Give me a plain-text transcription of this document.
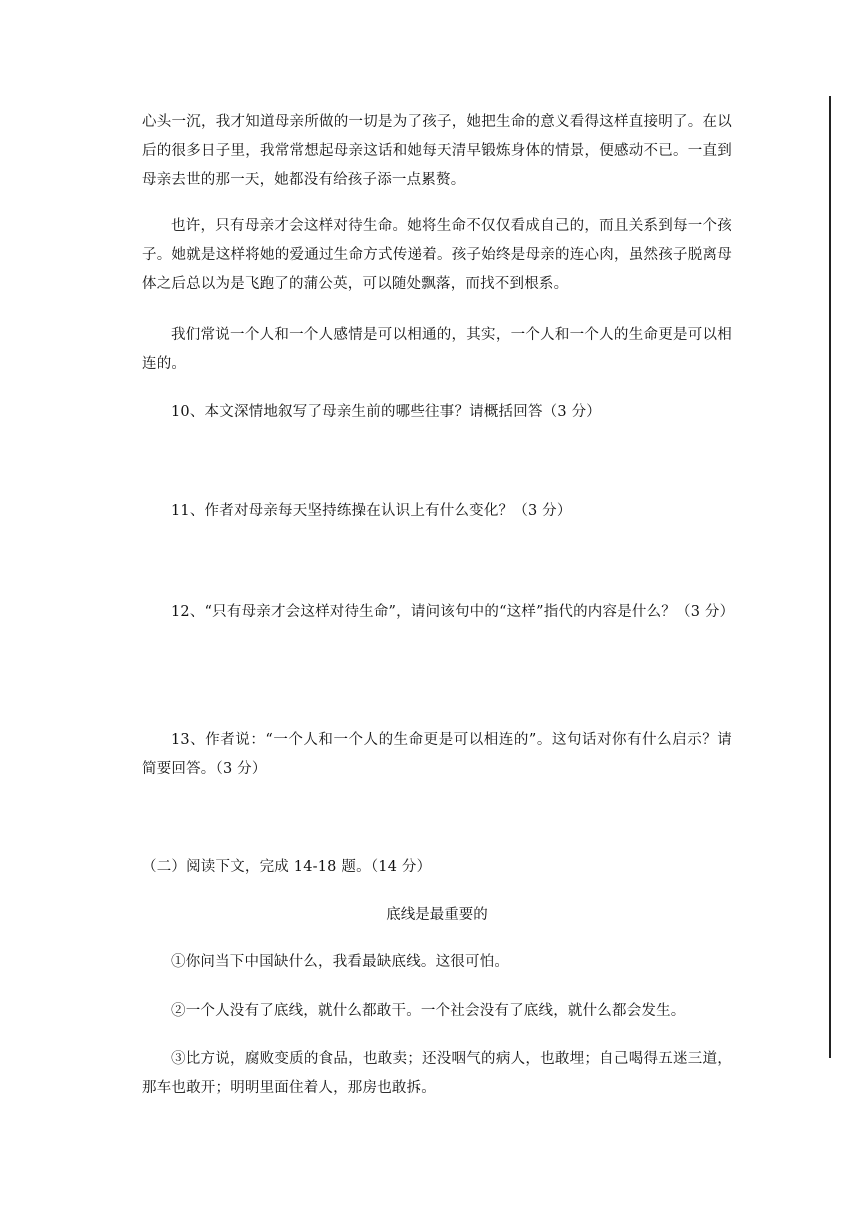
心头一沉，我才知道母亲所做的一切是为了孩子，她把生命的意义看得这样直接明了。在以后的很多日子里，我常常想起母亲这话和她每天清早锻炼身体的情景，便感动不已。一直到母亲去世的那一天，她都没有给孩子添一点累赘。

也许，只有母亲才会这样对待生命。她将生命不仅仅看成自己的，而且关系到每一个孩子。她就是这样将她的爱通过生命方式传递着。孩子始终是母亲的连心肉，虽然孩子脱离母体之后总以为是飞跑了的蒲公英，可以随处飘落，而找不到根系。

我们常说一个人和一个人感情是可以相通的，其实，一个人和一个人的生命更是可以相连的。

10、本文深情地叙写了母亲生前的哪些往事？请概括回答（3 分）

11、作者对母亲每天坚持练操在认识上有什么变化？（3 分）

12、“只有母亲才会这样对待生命”，请问该句中的“这样”指代的内容是什么？（3 分）

13、作者说：“一个人和一个人的生命更是可以相连的”。这句话对你有什么启示？请简要回答。（3 分）

（二）阅读下文，完成 14-18 题。（14 分）

底线是最重要的

①你问当下中国缺什么，我看最缺底线。这很可怕。

②一个人没有了底线，就什么都敢干。一个社会没有了底线，就什么都会发生。

③比方说，腐败变质的食品，也敢卖；还没咽气的病人，也敢埋；自己喝得五迷三道，那车也敢开；明明里面住着人，那房也敢拆。
